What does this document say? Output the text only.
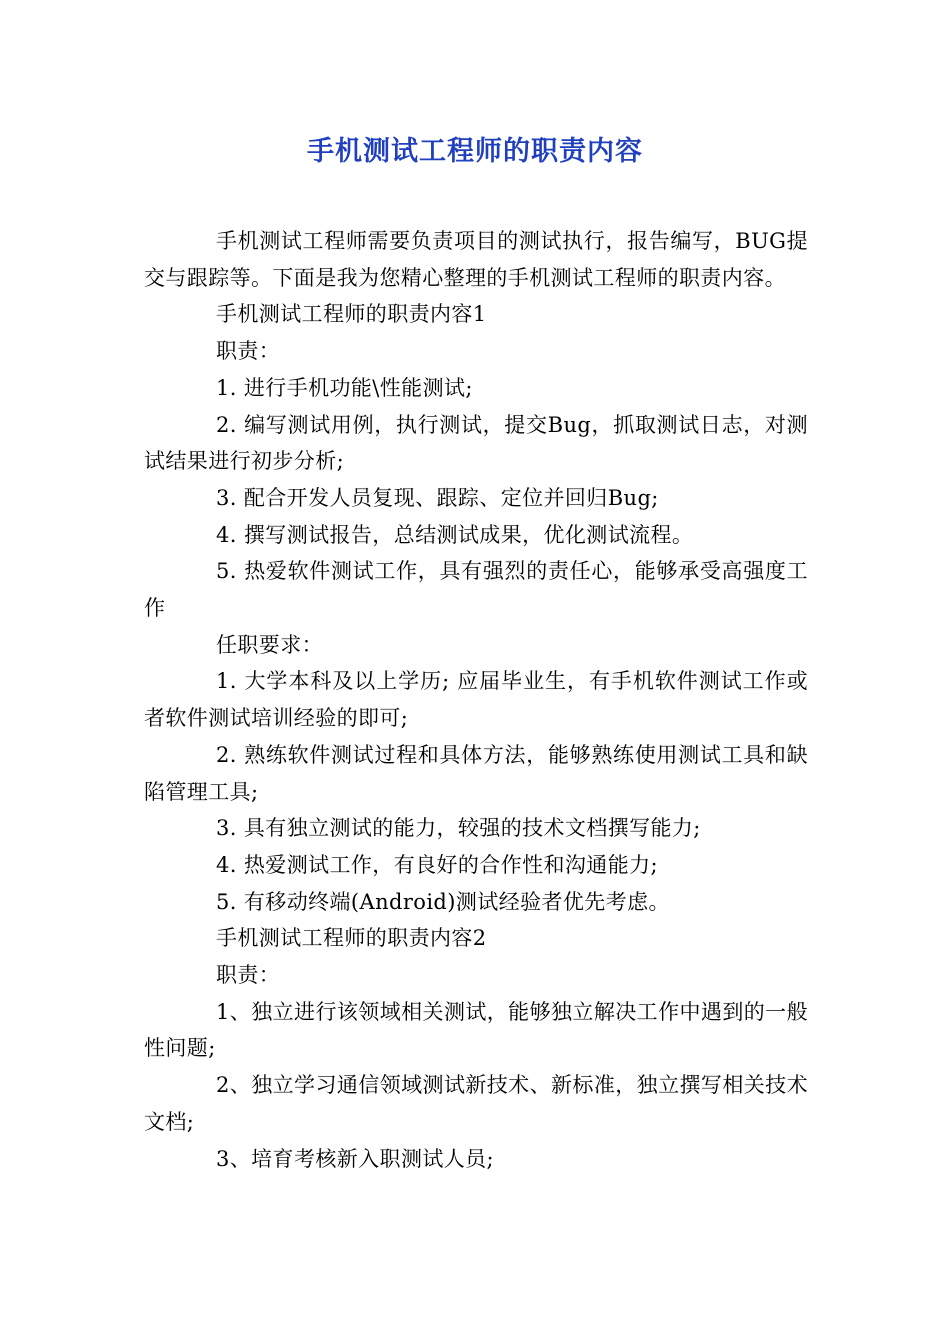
手机测试工程师的职责内容

手机测试工程师需要负责项目的测试执行，报告编写，BUG提交与跟踪等。下面是我为您精心整理的手机测试工程师的职责内容。

手机测试工程师的职责内容1

职责：

1. 进行手机功能\性能测试;

2. 编写测试用例，执行测试，提交Bug，抓取测试日志，对测试结果进行初步分析;

3. 配合开发人员复现、跟踪、定位并回归Bug;

4. 撰写测试报告，总结测试成果，优化测试流程。

5. 热爱软件测试工作，具有强烈的责任心，能够承受高强度工作

任职要求：

1. 大学本科及以上学历; 应届毕业生，有手机软件测试工作或者软件测试培训经验的即可;

2. 熟练软件测试过程和具体方法，能够熟练使用测试工具和缺陷管理工具;

3. 具有独立测试的能力，较强的技术文档撰写能力;

4. 热爱测试工作，有良好的合作性和沟通能力;

5. 有移动终端(Android)测试经验者优先考虑。

手机测试工程师的职责内容2

职责：

1、独立进行该领域相关测试，能够独立解决工作中遇到的一般性问题;

2、独立学习通信领域测试新技术、新标准，独立撰写相关技术文档;

3、培育考核新入职测试人员;
